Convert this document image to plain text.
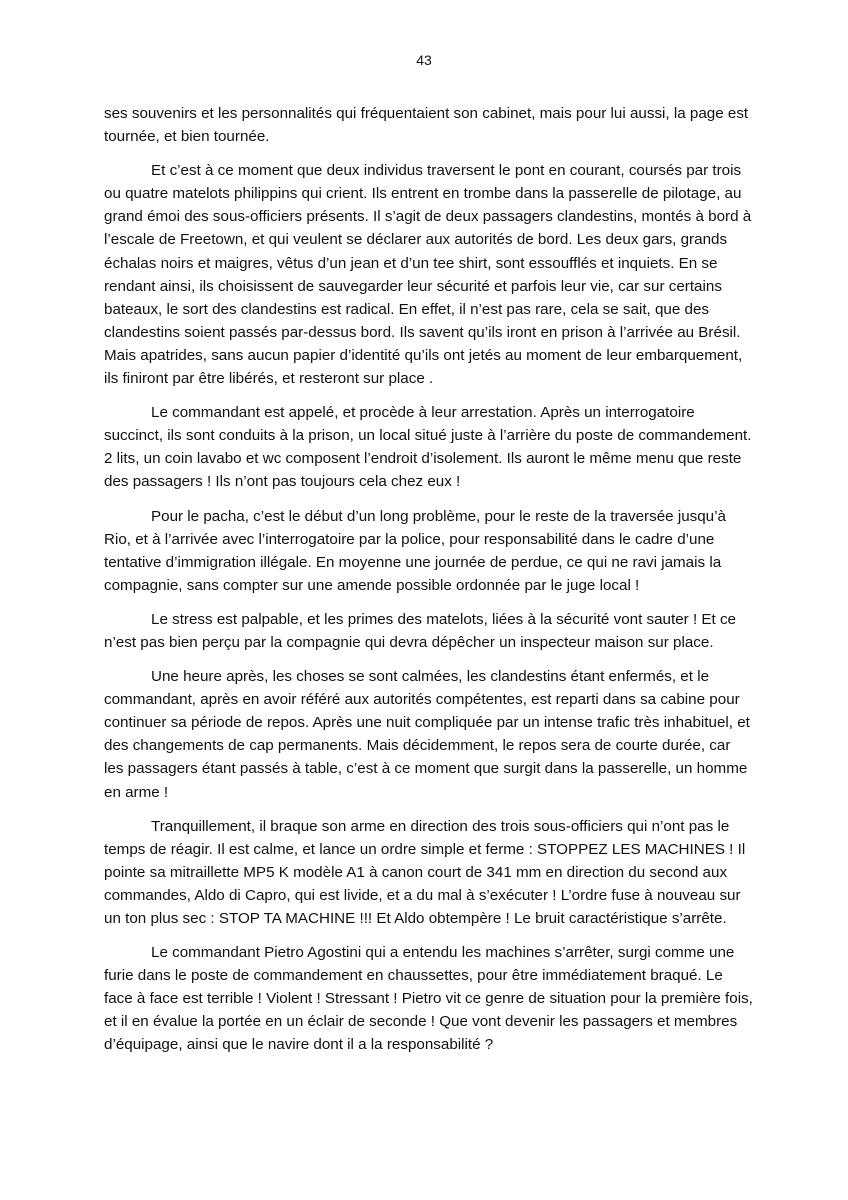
43

ses souvenirs et les personnalités qui fréquentaient son cabinet, mais pour lui aussi, la page est tournée, et bien tournée.

Et c’est à ce moment que deux individus traversent le pont en courant, coursés par trois ou quatre matelots philippins qui crient. Ils entrent en trombe dans la passerelle de pilotage, au grand émoi des sous-officiers présents. Il s’agit de deux passagers clandestins, montés à bord à l’escale de Freetown, et qui veulent se déclarer aux autorités de bord. Les deux gars, grands échalas noirs et maigres, vêtus d’un jean et d’un tee shirt, sont essoufflés et inquiets. En se rendant ainsi, ils choisissent de sauvegarder leur sécurité et parfois leur vie, car sur certains bateaux, le sort des clandestins est radical. En effet, il n’est pas rare, cela se sait, que des clandestins soient passés par-dessus bord. Ils savent qu’ils iront en prison à l’arrivée au Brésil. Mais apatrides, sans aucun papier d’identité qu’ils ont jetés au moment de leur embarquement, ils finiront par être libérés, et resteront sur place .

Le commandant est appelé, et procède à leur arrestation. Après un interrogatoire succinct, ils sont conduits à la prison, un local situé juste à l’arrière du poste de commandement. 2 lits, un coin lavabo et wc composent l’endroit d’isolement. Ils auront le même menu que reste des passagers ! Ils n’ont pas toujours cela chez eux !

Pour le pacha, c’est le début d’un long problème, pour le reste de la traversée jusqu’à Rio, et à l’arrivée avec l’interrogatoire par la police, pour responsabilité dans le cadre d’une tentative d’immigration illégale. En moyenne une journée de perdue, ce qui ne ravi jamais la compagnie, sans compter sur une amende possible ordonnée par le juge local !

Le stress est palpable, et les primes des matelots, liées à la sécurité vont sauter ! Et ce n’est pas bien perçu par la compagnie qui devra dépêcher un inspecteur maison sur place.

Une heure après, les choses se sont calmées, les clandestins étant enfermés, et le commandant, après en avoir référé aux autorités compétentes, est reparti dans sa cabine pour continuer sa période de repos. Après une nuit compliquée par un intense trafic très inhabituel, et des changements de cap permanents. Mais décidemment, le repos sera de courte durée, car les passagers étant passés à table, c’est à ce moment que surgit dans la passerelle, un homme en arme !

Tranquillement, il braque son arme en direction des trois sous-officiers qui n’ont pas le temps de réagir. Il est calme, et lance un ordre simple et ferme : STOPPEZ LES MACHINES ! Il pointe sa mitraillette MP5 K modèle A1 à canon court de 341 mm en direction du second aux commandes, Aldo di Capro, qui est livide, et a du mal à s’exécuter ! L’ordre fuse à nouveau sur un ton plus sec : STOP TA MACHINE !!! Et Aldo obtempère ! Le bruit caractéristique s’arrête.

Le commandant Pietro Agostini qui a entendu les machines s’arrêter, surgi comme une furie dans le poste de commandement en chaussettes, pour être immédiatement braqué. Le face à face est terrible ! Violent ! Stressant ! Pietro vit ce genre de situation pour la première fois, et il en évalue la portée en un éclair de seconde ! Que vont devenir les passagers et membres d’équipage, ainsi que le navire dont il a la responsabilité ?
